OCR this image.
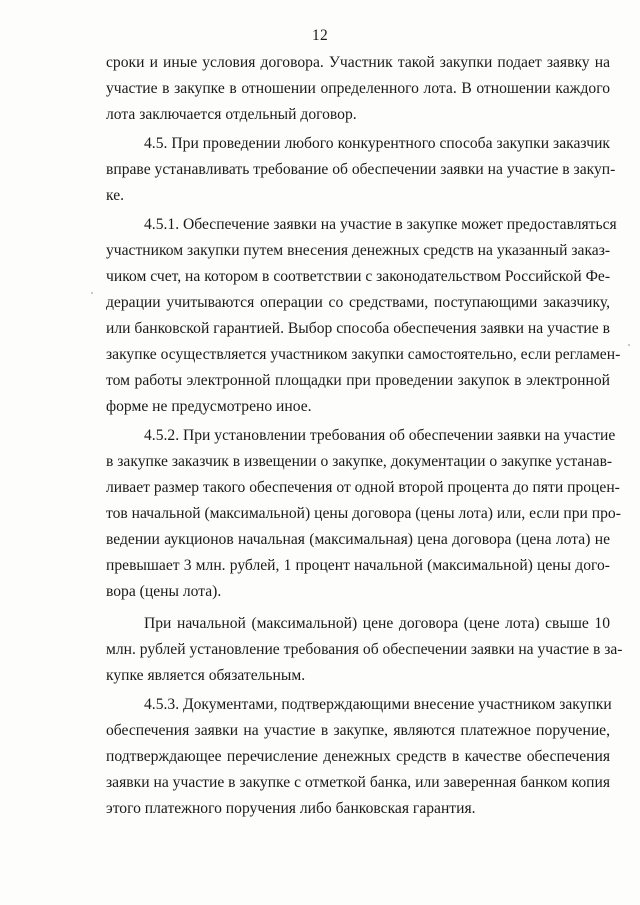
12
сроки и иные условия договора. Участник такой закупки подает заявку на
участие в закупке в отношении определенного лота. В отношении каждого
лота заключается отдельный договор.
4.5. При проведении любого конкурентного способа закупки заказчик
вправе устанавливать требование об обеспечении заявки на участие в закуп-
ке.
4.5.1. Обеспечение заявки на участие в закупке может предоставляться
участником закупки путем внесения денежных средств на указанный заказ-
чиком счет, на котором в соответствии с законодательством Российской Фе-
дерации учитываются операции со средствами, поступающими заказчику,
или банковской гарантией. Выбор способа обеспечения заявки на участие в
закупке осуществляется участником закупки самостоятельно, если регламен-
том работы электронной площадки при проведении закупок в электронной
форме не предусмотрено иное.
4.5.2. При установлении требования об обеспечении заявки на участие
в закупке заказчик в извещении о закупке, документации о закупке устанав-
ливает размер такого обеспечения от одной второй процента до пяти процен-
тов начальной (максимальной) цены договора (цены лота) или, если при про-
ведении аукционов начальная (максимальная) цена договора (цена лота) не
превышает 3 млн. рублей, 1 процент начальной (максимальной) цены дого-
вора (цены лота).
При начальной (максимальной) цене договора (цене лота) свыше 10
млн. рублей установление требования об обеспечении заявки на участие в за-
купке является обязательным.
4.5.3. Документами, подтверждающими внесение участником закупки
обеспечения заявки на участие в закупке, являются платежное поручение,
подтверждающее перечисление денежных средств в качестве обеспечения
заявки на участие в закупке с отметкой банка, или заверенная банком копия
этого платежного поручения либо банковская гарантия.
